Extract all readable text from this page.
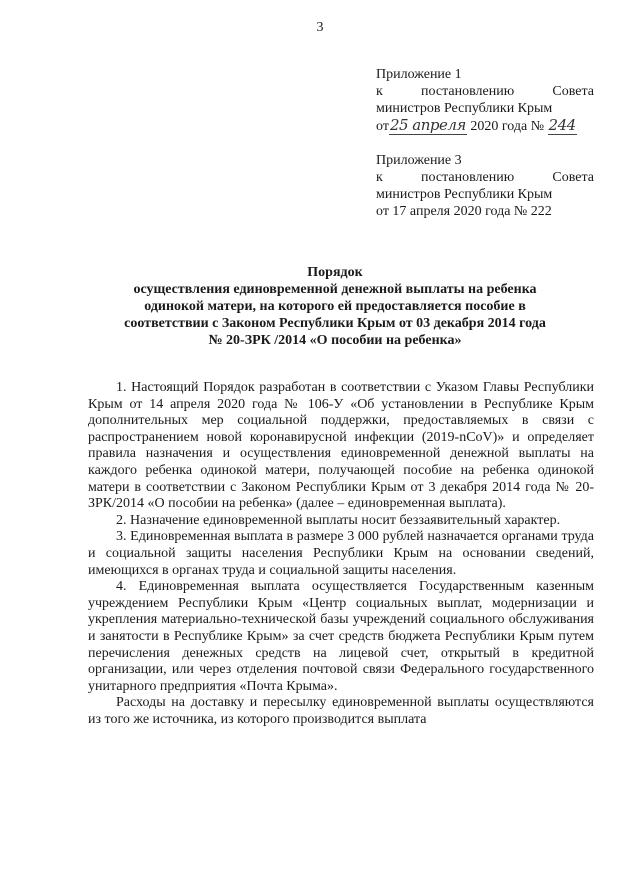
3
Приложение 1
к	постановлению	Совета
министров Республики Крым
от25 апреля 2020 года № 244
Приложение 3
к	постановлению	Совета
министров Республики Крым
от 17 апреля 2020 года № 222
Порядок
осуществления единовременной денежной выплаты на ребенка
одинокой матери, на которого ей предоставляется пособие в
соответствии с Законом Республики Крым от 03 декабря 2014 года
№ 20-ЗРК /2014 «О пособии на ребенка»

1. Настоящий Порядок разработан в соответствии с Указом Главы Республики Крым от 14 апреля 2020 года № 106-У «Об установлении в Республике Крым дополнительных мер социальной поддержки, предоставляемых в связи с распространением новой коронавирусной инфекции (2019-nCoV)» и определяет правила назначения и осуществления единовременной денежной выплаты на каждого ребенка одинокой матери, получающей пособие на ребенка одинокой матери в соответствии с Законом Республики Крым от 3 декабря 2014 года № 20-ЗРК/2014 «О пособии на ребенка» (далее – единовременная выплата).

2. Назначение единовременной выплаты носит беззаявительный характер.

3. Единовременная выплата в размере 3 000 рублей назначается органами труда и социальной защиты населения Республики Крым на основании сведений, имеющихся в органах труда и социальной защиты населения.

4. Единовременная выплата осуществляется Государственным казенным учреждением Республики Крым «Центр социальных выплат, модернизации и укрепления материально-технической базы учреждений социального обслуживания и занятости в Республике Крым» за счет средств бюджета Республики Крым путем перечисления денежных средств на лицевой счет, открытый в кредитной организации, или через отделения почтовой связи Федерального государственного унитарного предприятия «Почта Крыма».

Расходы на доставку и пересылку единовременной выплаты осуществляются из того же источника, из которого производится выплата
